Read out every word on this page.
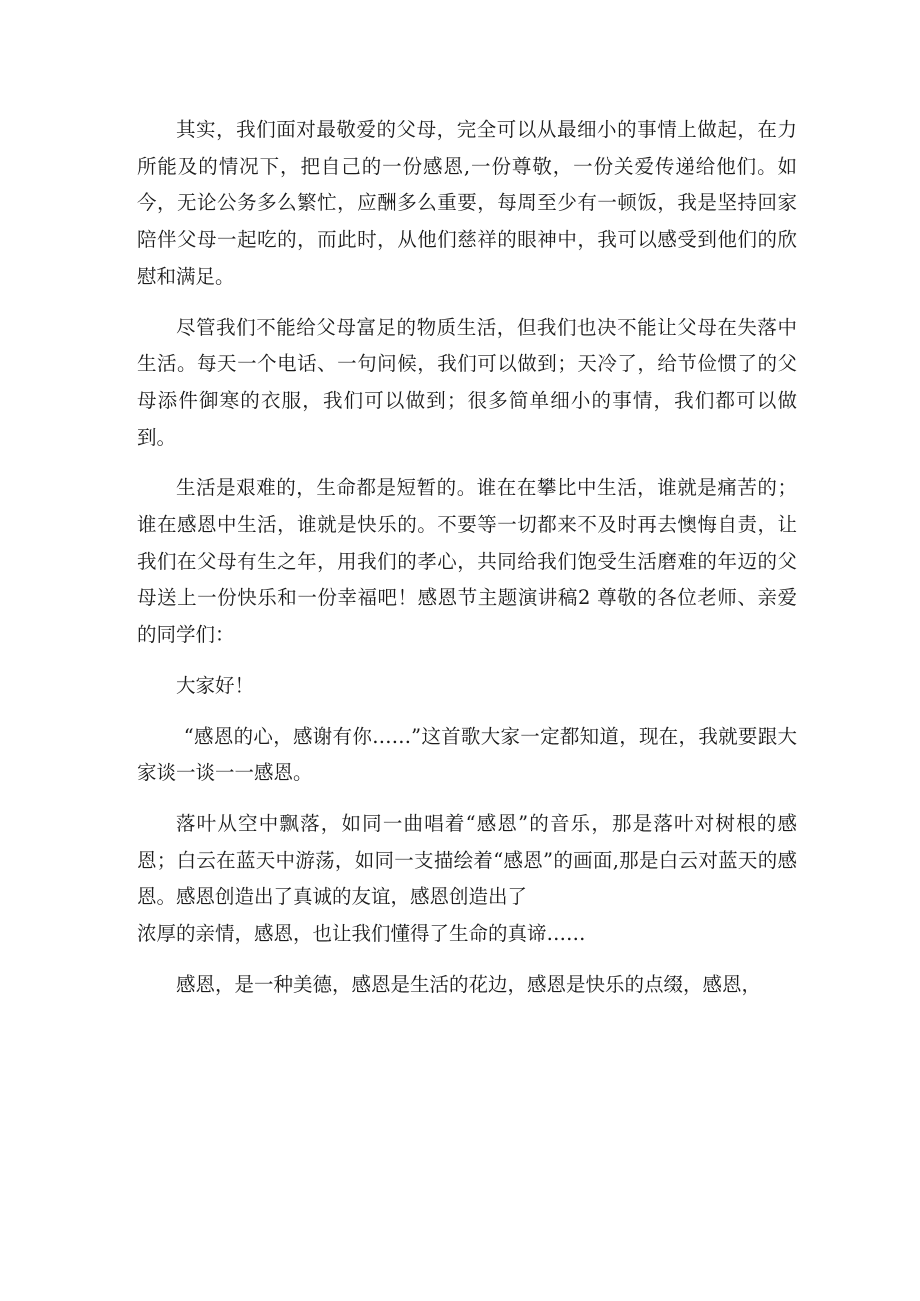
其实，我们面对最敬爱的父母，完全可以从最细小的事情上做起，在力所能及的情况下，把自己的一份感恩,一份尊敬，一份关爱传递给他们。如今，无论公务多么繁忙，应酬多么重要，每周至少有一顿饭，我是坚持回家陪伴父母一起吃的，而此时，从他们慈祥的眼神中，我可以感受到他们的欣慰和满足。

尽管我们不能给父母富足的物质生活，但我们也决不能让父母在失落中生活。每天一个电话、一句问候，我们可以做到；天冷了，给节俭惯了的父母添件御寒的衣服，我们可以做到；很多简单细小的事情，我们都可以做到。

生活是艰难的，生命都是短暂的。谁在在攀比中生活，谁就是痛苦的；谁在感恩中生活，谁就是快乐的。不要等一切都来不及时再去懊悔自责，让我们在父母有生之年，用我们的孝心，共同给我们饱受生活磨难的年迈的父母送上一份快乐和一份幸福吧！感恩节主题演讲稿2 尊敬的各位老师、亲爱的同学们：

大家好！

“感恩的心，感谢有你……”这首歌大家一定都知道，现在，我就要跟大家谈一谈一一感恩。

落叶从空中飘落，如同一曲唱着“感恩”的音乐，那是落叶对树根的感恩；白云在蓝天中游荡，如同一支描绘着“感恩”的画面,那是白云对蓝天的感恩。感恩创造出了真诚的友谊，感恩创造出了

浓厚的亲情，感恩，也让我们懂得了生命的真谛……

感恩，是一种美德，感恩是生活的花边，感恩是快乐的点缀，感恩，
